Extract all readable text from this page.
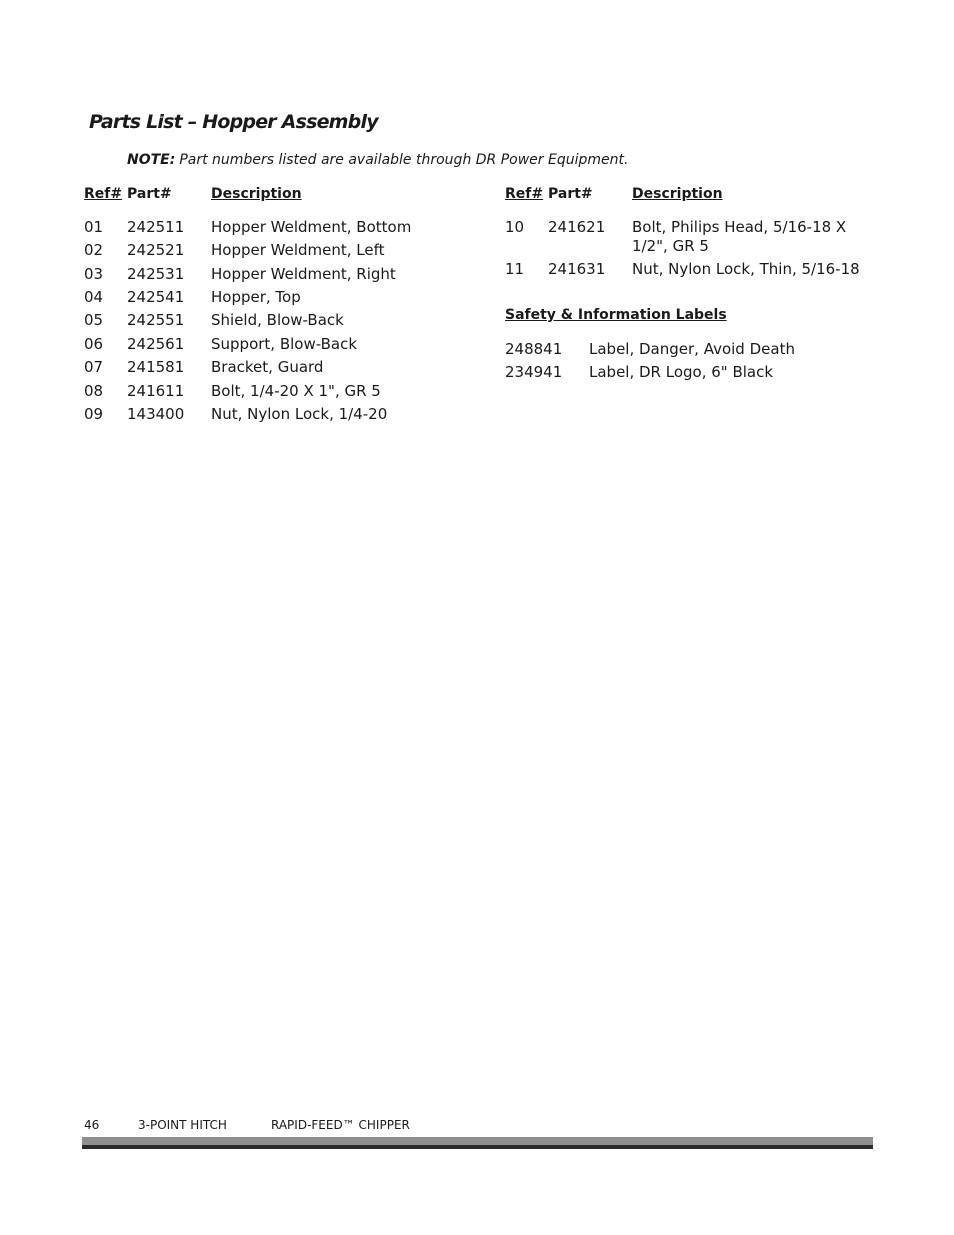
Parts List – Hopper Assembly
NOTE: Part numbers listed are available through DR Power Equipment.
Ref# Part#	Description	Ref# Part#	Description
01 242511 Hopper Weldment, Bottom
02 242521 Hopper Weldment, Left
03 242531 Hopper Weldment, Right
04 242541 Hopper, Top
05 242551 Shield, Blow-Back
06 242561 Support, Blow-Back
07 241581 Bracket, Guard
08 241611 Bolt, 1/4-20 X 1", GR 5
09 143400 Nut, Nylon Lock, 1/4-20
10 241621 Bolt, Philips Head, 5/16-18 X 1/2", GR 5
11 241631 Nut, Nylon Lock, Thin, 5/16-18
Safety & Information Labels
248841 Label, Danger, Avoid Death
234941 Label, DR Logo, 6" Black
46	3-POINT HITCH	RAPID-FEED™ CHIPPER
